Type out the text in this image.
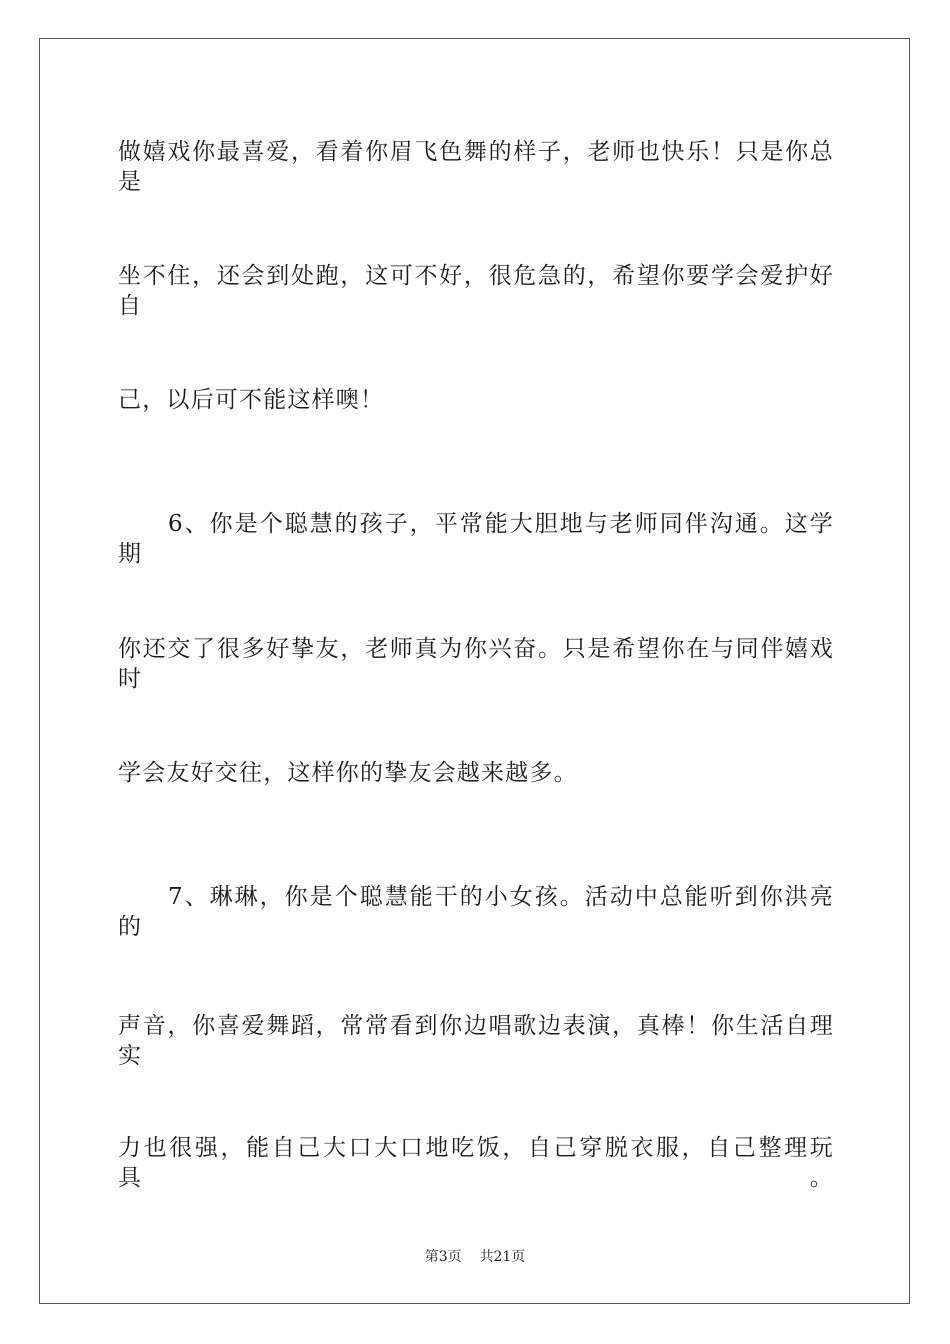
做嬉戏你最喜爱，看着你眉飞色舞的样子，老师也快乐！只是你总是
坐不住，还会到处跑，这可不好，很危急的，希望你要学会爱护好自
己，以后可不能这样噢！
　　6、你是个聪慧的孩子，平常能大胆地与老师同伴沟通。这学期
你还交了很多好挚友，老师真为你兴奋。只是希望你在与同伴嬉戏时
学会友好交往，这样你的挚友会越来越多。
　　7、琳琳，你是个聪慧能干的小女孩。活动中总能听到你洪亮的
声音，你喜爱舞蹈，常常看到你边唱歌边表演，真棒！你生活自理实
力也很强，能自己大口大口地吃饭，自己穿脱衣服，自己整理玩具。
第3页 共21页
